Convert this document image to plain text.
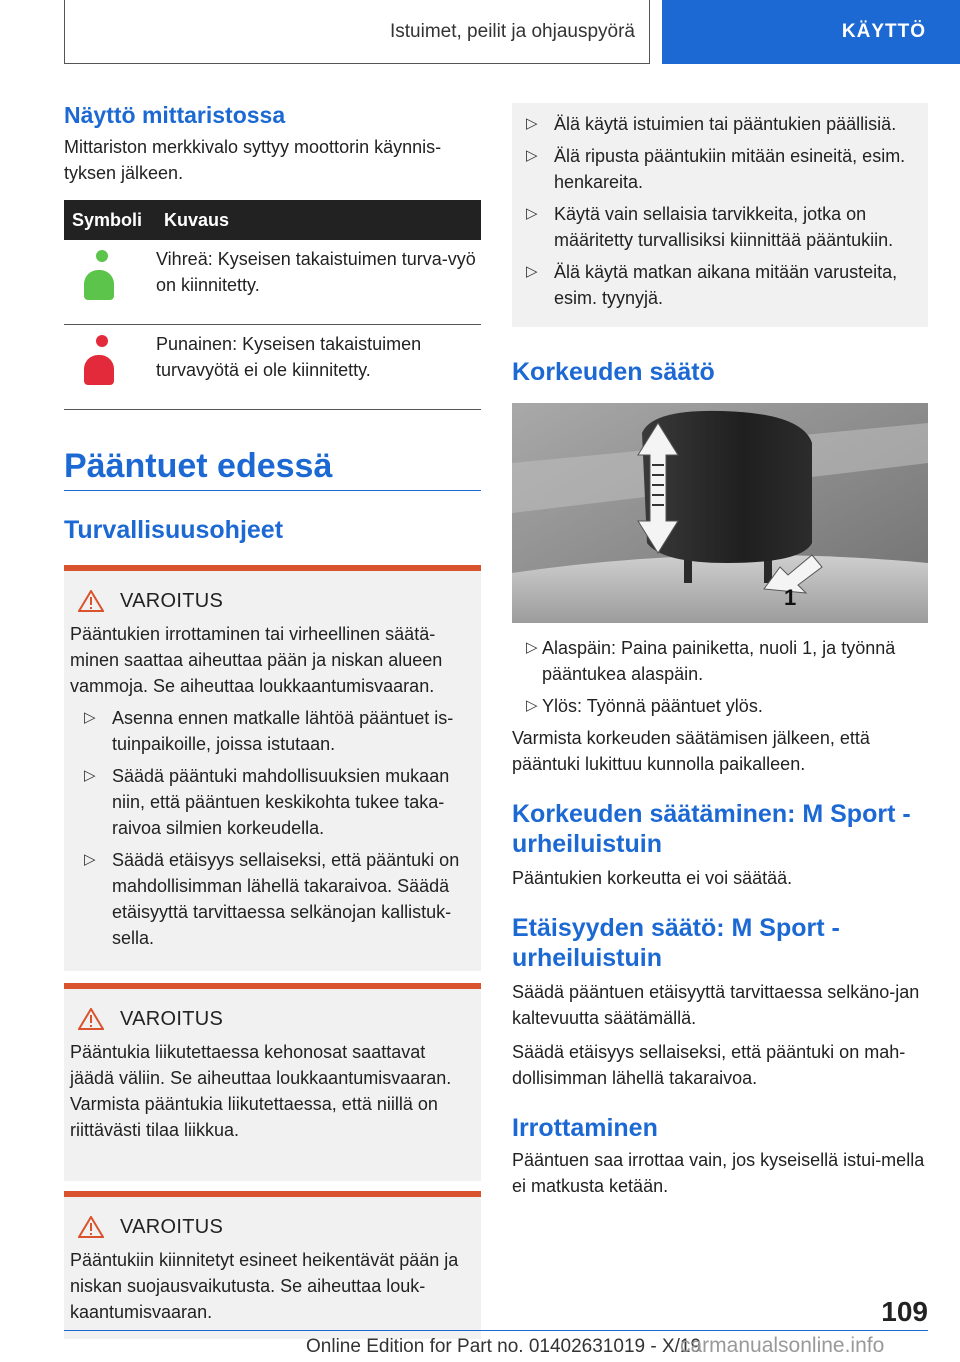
Istuimet, peilit ja ohjauspyörä	KÄYTTÖ
Näyttö mittaristossa

Mittariston merkkivalo syttyy moottorin käynnis-tyksen jälkeen.

Symboli	Kuvaus

	Vihreä: Kyseisen takaistuimen turva-vyö on kiinnitetty.

	Punainen: Kyseisen takaistuimen turvavyötä ei ole kiinnitetty.
Pääntuet edessä
Turvallisuusohjeet
VAROITUS

Pääntukien irrottaminen tai virheellinen säätä-minen saattaa aiheuttaa pään ja niskan alueen vammoja. Se aiheuttaa loukkaantumisvaaran.

▷ Asenna ennen matkalle lähtöä pääntuet is-tuinpaikoille, joissa istutaan.
▷ Säädä pääntuki mahdollisuuksien mukaan niin, että pääntuen keskikohta tukee taka-raivoa silmien korkeudella.
▷ Säädä etäisyys sellaiseksi, että pääntuki on mahdollisimman lähellä takaraivoa. Säädä etäisyyttä tarvittaessa selkänojan kallistuk-sella.
VAROITUS

Pääntukia liikutettaessa kehonosat saattavat jäädä väliin. Se aiheuttaa loukkaantumisvaaran. Varmista pääntukia liikutettaessa, että niillä on riittävästi tilaa liikkua.

VAROITUS

Pääntukiin kiinnitetyt esineet heikentävät pään ja niskan suojausvaikutusta. Se aiheuttaa louk-kaantumisvaaran.

▷ Älä käytä istuimien tai pääntukien päällisiä.
▷ Älä ripusta pääntukiin mitään esineitä, esim. henkareita.
▷ Käytä vain sellaisia tarvikkeita, jotka on määritetty turvallisiksi kiinnittää pääntukiin.
▷ Älä käytä matkan aikana mitään varusteita, esim. tyynyjä.
Korkeuden säätö
1
▷ Alaspäin: Paina painiketta, nuoli 1, ja työnnä pääntukea alaspäin.
▷ Ylös: Työnnä pääntuet ylös.

Varmista korkeuden säätämisen jälkeen, että pääntuki lukittuu kunnolla paikalleen.

Korkeuden säätäminen: M Sport -urheiluistuin

Pääntukien korkeutta ei voi säätää.

Etäisyyden säätö: M Sport -urheiluistuin

Säädä pääntuen etäisyyttä tarvittaessa selkäno-jan kaltevuutta säätämällä.

Säädä etäisyys sellaiseksi, että pääntuki on mah-dollisimman lähellä takaraivoa.

Irrottaminen

Pääntuen saa irrottaa vain, jos kyseisellä istui-mella ei matkusta ketään.

109
Online Edition for Part no. 01402631019 - X/19
carmanualsonline.info
